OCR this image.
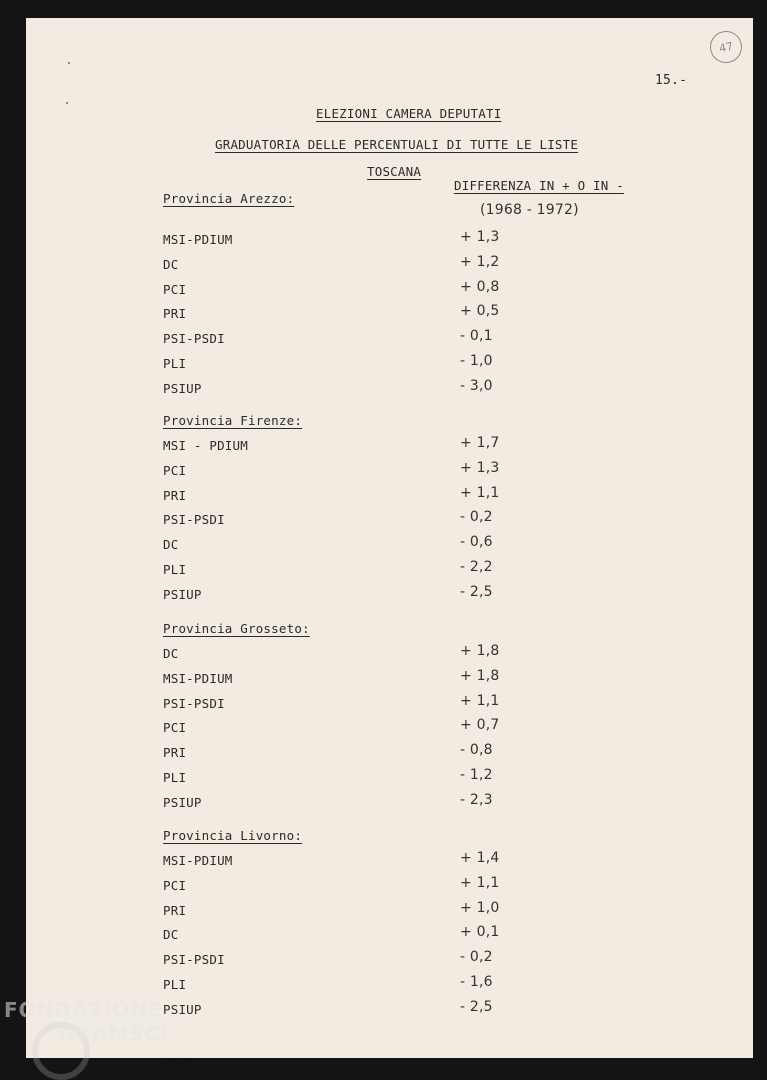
47
15.-
ELEZIONI CAMERA DEPUTATI
GRADUATORIA DELLE PERCENTUALI DI TUTTE LE LISTE
TOSCANA
DIFFERENZA IN + O IN -
(1968 - 1972)
Provincia Arezzo:
MSI-PDIUM	+ 1,3
DC	+ 1,2
PCI	+ 0,8
PRI	+ 0,5
PSI-PSDI	- 0,1
PLI	- 1,0
PSIUP	- 3,0
Provincia Firenze:
MSI - PDIUM	+ 1,7
PCI	+ 1,3
PRI	+ 1,1
PSI-PSDI	- 0,2
DC	- 0,6
PLI	- 2,2
PSIUP	- 2,5
Provincia Grosseto:
DC	+ 1,8
MSI-PDIUM	+ 1,8
PSI-PSDI	+ 1,1
PCI	+ 0,7
PRI	- 0,8
PLI	- 1,2
PSIUP	- 2,3
Provincia Livorno:
MSI-PDIUM	+ 1,4
PCI	+ 1,1
PRI	+ 1,0
DC	+ 0,1
PSI-PSDI	- 0,2
PLI	- 1,6
PSIUP	- 2,5
FONDAZIONE
GRAMSCI
onlus
